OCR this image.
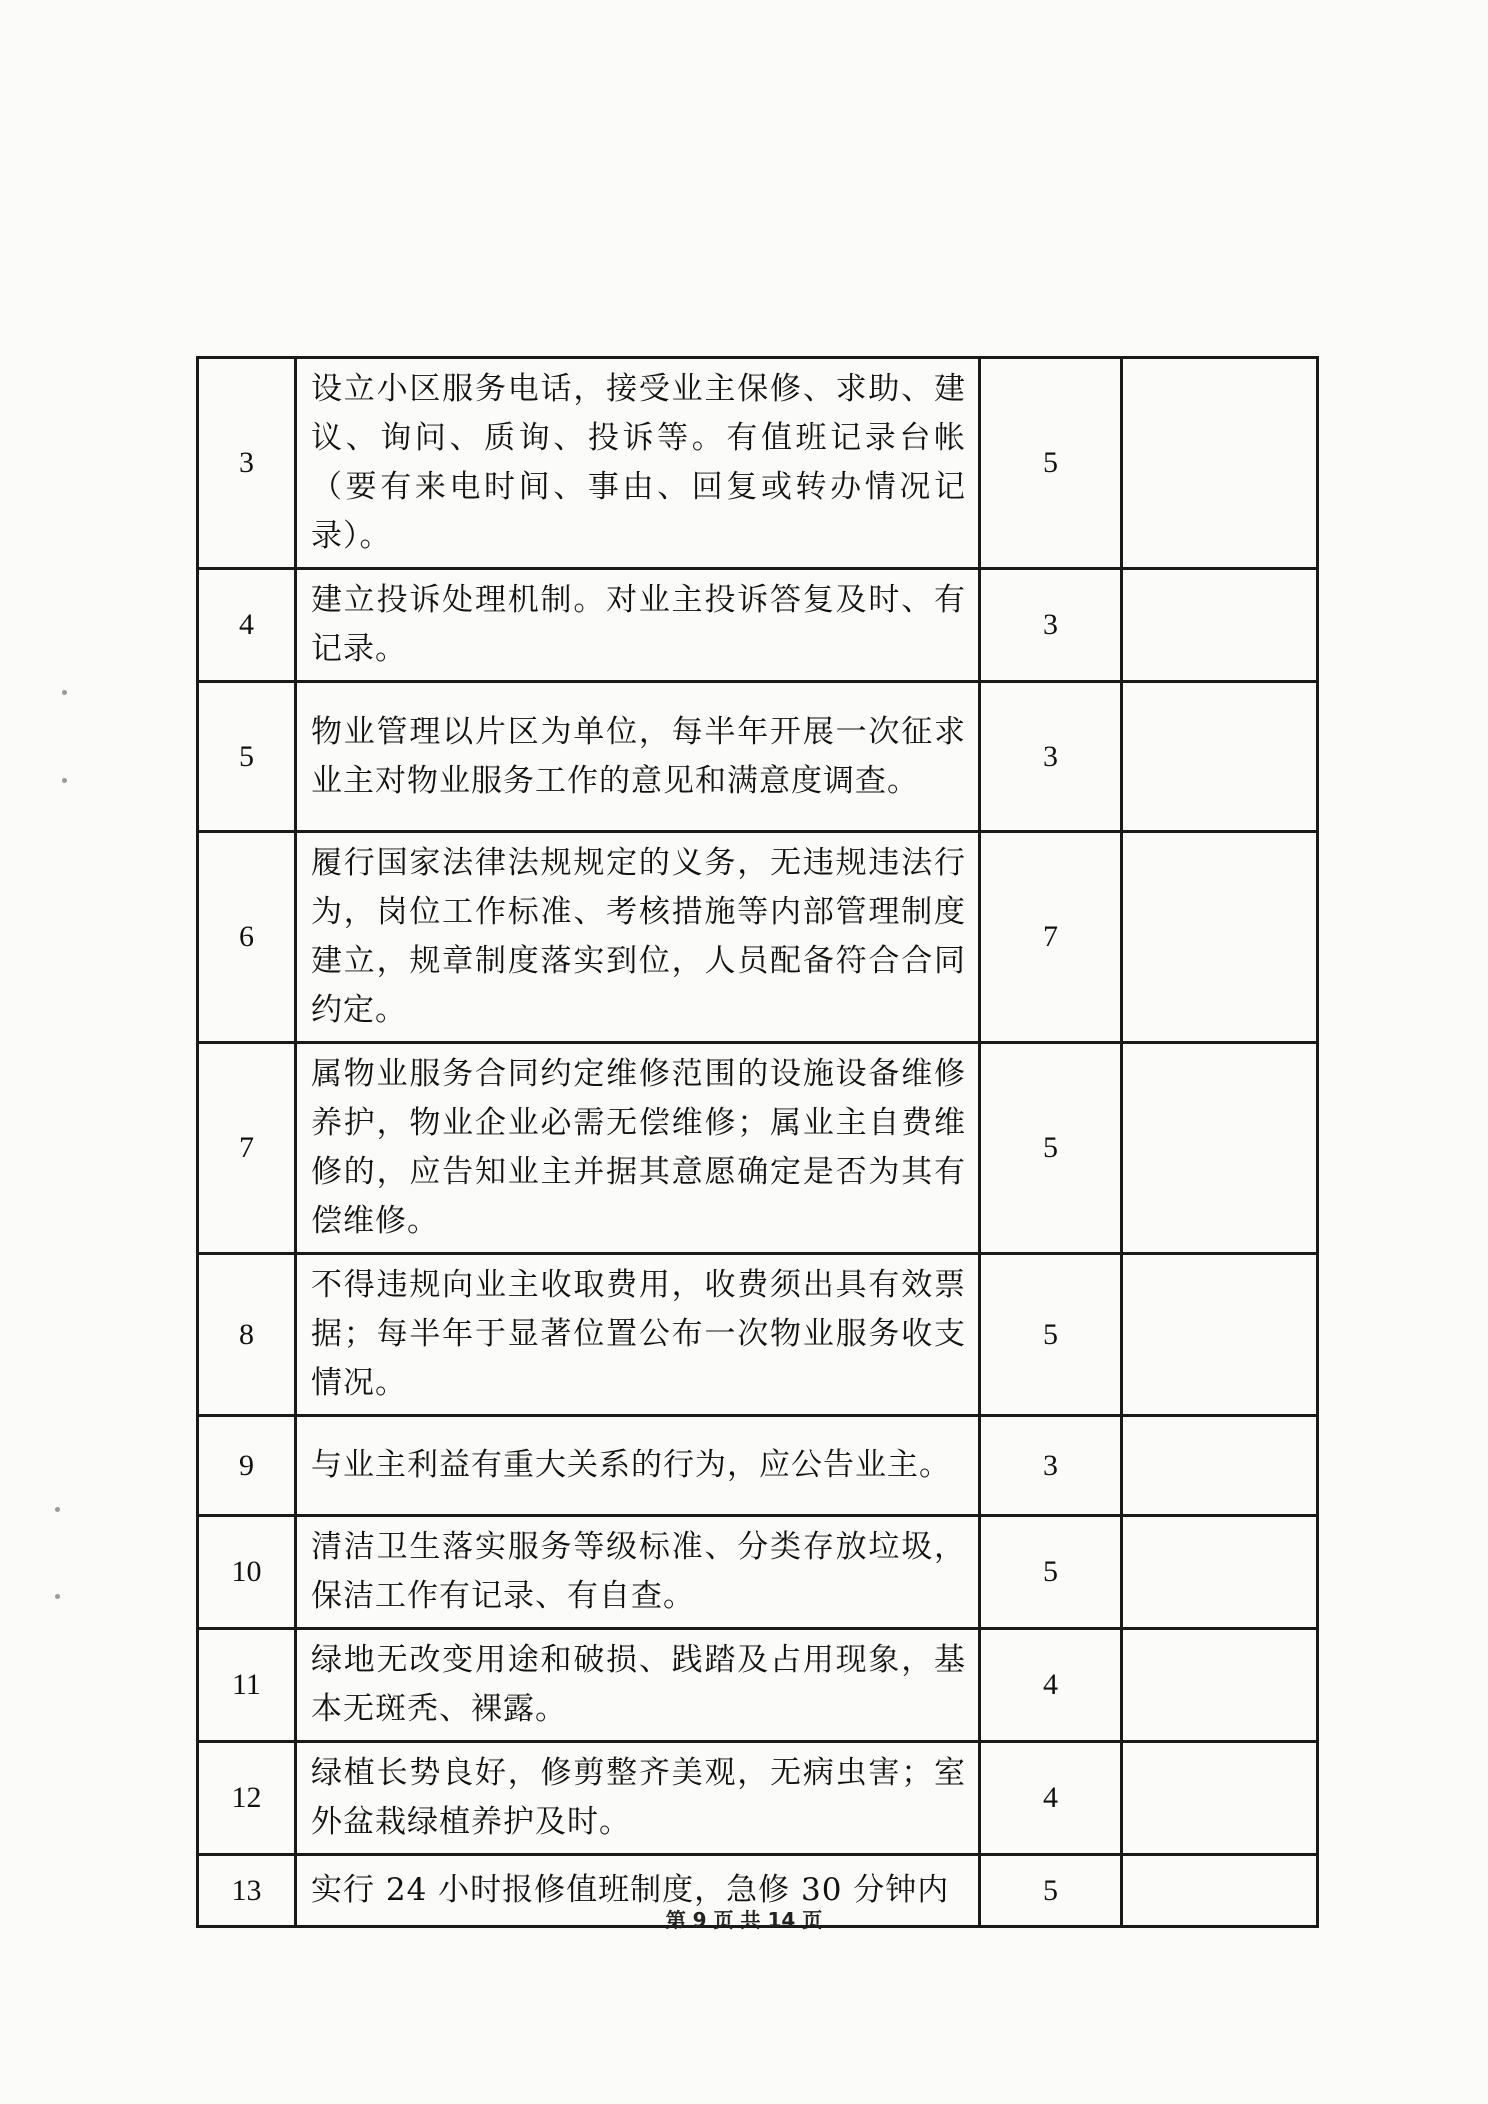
3	设立小区服务电话，接受业主保修、求助、建议、询问、质询、投诉等。有值班记录台帐（要有来电时间、事由、回复或转办情况记录）。	5	
4	建立投诉处理机制。对业主投诉答复及时、有记录。	3	
5	物业管理以片区为单位，每半年开展一次征求业主对物业服务工作的意见和满意度调查。	3	
6	履行国家法律法规规定的义务，无违规违法行为，岗位工作标准、考核措施等内部管理制度建立，规章制度落实到位，人员配备符合合同约定。	7	
7	属物业服务合同约定维修范围的设施设备维修养护，物业企业必需无偿维修；属业主自费维修的，应告知业主并据其意愿确定是否为其有偿维修。	5	
8	不得违规向业主收取费用，收费须出具有效票据；每半年于显著位置公布一次物业服务收支情况。	5	
9	与业主利益有重大关系的行为，应公告业主。	3	
10	清洁卫生落实服务等级标准、分类存放垃圾，保洁工作有记录、有自查。	5	
11	绿地无改变用途和破损、践踏及占用现象，基本无斑秃、裸露。	4	
12	绿植长势良好，修剪整齐美观，无病虫害；室外盆栽绿植养护及时。	4	
13	实行 24 小时报修值班制度，急修 30 分钟内	5	
第 9 页 共 14 页
